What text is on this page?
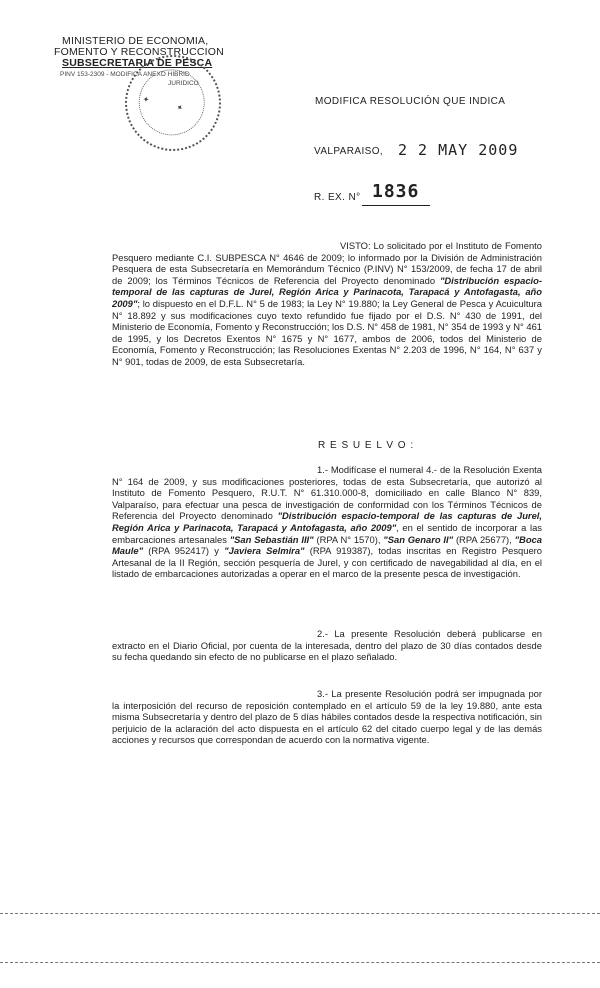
MINISTERIO DE ECONOMIA,
FOMENTO Y RECONSTRUCCION
SUBSECRETARIA DE PESCA
PINV 153-2309 - MODIFICA ANEXO HIBRID
JURIDICO
✦
✦
MODIFICA RESOLUCIÓN QUE INDICA
VALPARAISO, 2 2 MAY 2009
R. EX. N° 1836
VISTO: Lo solicitado por el Instituto de Fomento Pesquero mediante C.I. SUBPESCA N° 4646 de 2009; lo informado por la División de Administración Pesquera de esta Subsecretaría en Memorándum Técnico (P.INV) N° 153/2009, de fecha 17 de abril de 2009; los Términos Técnicos de Referencia del Proyecto denominado "Distribución espacio-temporal de las capturas de Jurel, Región Arica y Parinacota, Tarapacá y Antofagasta, año 2009"; lo dispuesto en el D.F.L. N° 5 de 1983; la Ley N° 19.880; la Ley General de Pesca y Acuicultura N° 18.892 y sus modificaciones cuyo texto refundido fue fijado por el D.S. N° 430 de 1991, del Ministerio de Economía, Fomento y Reconstrucción; los D.S. N° 458 de 1981, N° 354 de 1993 y N° 461 de 1995, y los Decretos Exentos N° 1675 y N° 1677, ambos de 2006, todos del Ministerio de Economía, Fomento y Reconstrucción; las Resoluciones Exentas N° 2.203 de 1996, N° 164, N° 637 y N° 901, todas de 2009, de esta Subsecretaría.
R E S U E L V O :
1.- Modifícase el numeral 4.- de la Resolución Exenta N° 164 de 2009, y sus modificaciones posteriores, todas de esta Subsecretaría, que autorizó al Instituto de Fomento Pesquero, R.U.T. N° 61.310.000-8, domiciliado en calle Blanco N° 839, Valparaíso, para efectuar una pesca de investigación de conformidad con los Términos Técnicos de Referencia del Proyecto denominado "Distribución espacio-temporal de las capturas de Jurel, Región Arica y Parinacota, Tarapacá y Antofagasta, año 2009", en el sentido de incorporar a las embarcaciones artesanales "San Sebastián III" (RPA N° 1570), "San Genaro II" (RPA 25677), "Boca Maule" (RPA 952417) y "Javiera Selmira" (RPA 919387), todas inscritas en Registro Pesquero Artesanal de la II Región, sección pesquería de Jurel, y con certificado de navegabilidad al día, en el listado de embarcaciones autorizadas a operar en el marco de la presente pesca de investigación.
2.- La presente Resolución deberá publicarse en extracto en el Diario Oficial, por cuenta de la interesada, dentro del plazo de 30 días contados desde su fecha quedando sin efecto de no publicarse en el plazo señalado.
3.- La presente Resolución podrá ser impugnada por la interposición del recurso de reposición contemplado en el artículo 59 de la ley 19.880, ante esta misma Subsecretaría y dentro del plazo de 5 días hábiles contados desde la respectiva notificación, sin perjuicio de la aclaración del acto dispuesta en el artículo 62 del citado cuerpo legal y de las demás acciones y recursos que correspondan de acuerdo con la normativa vigente.
